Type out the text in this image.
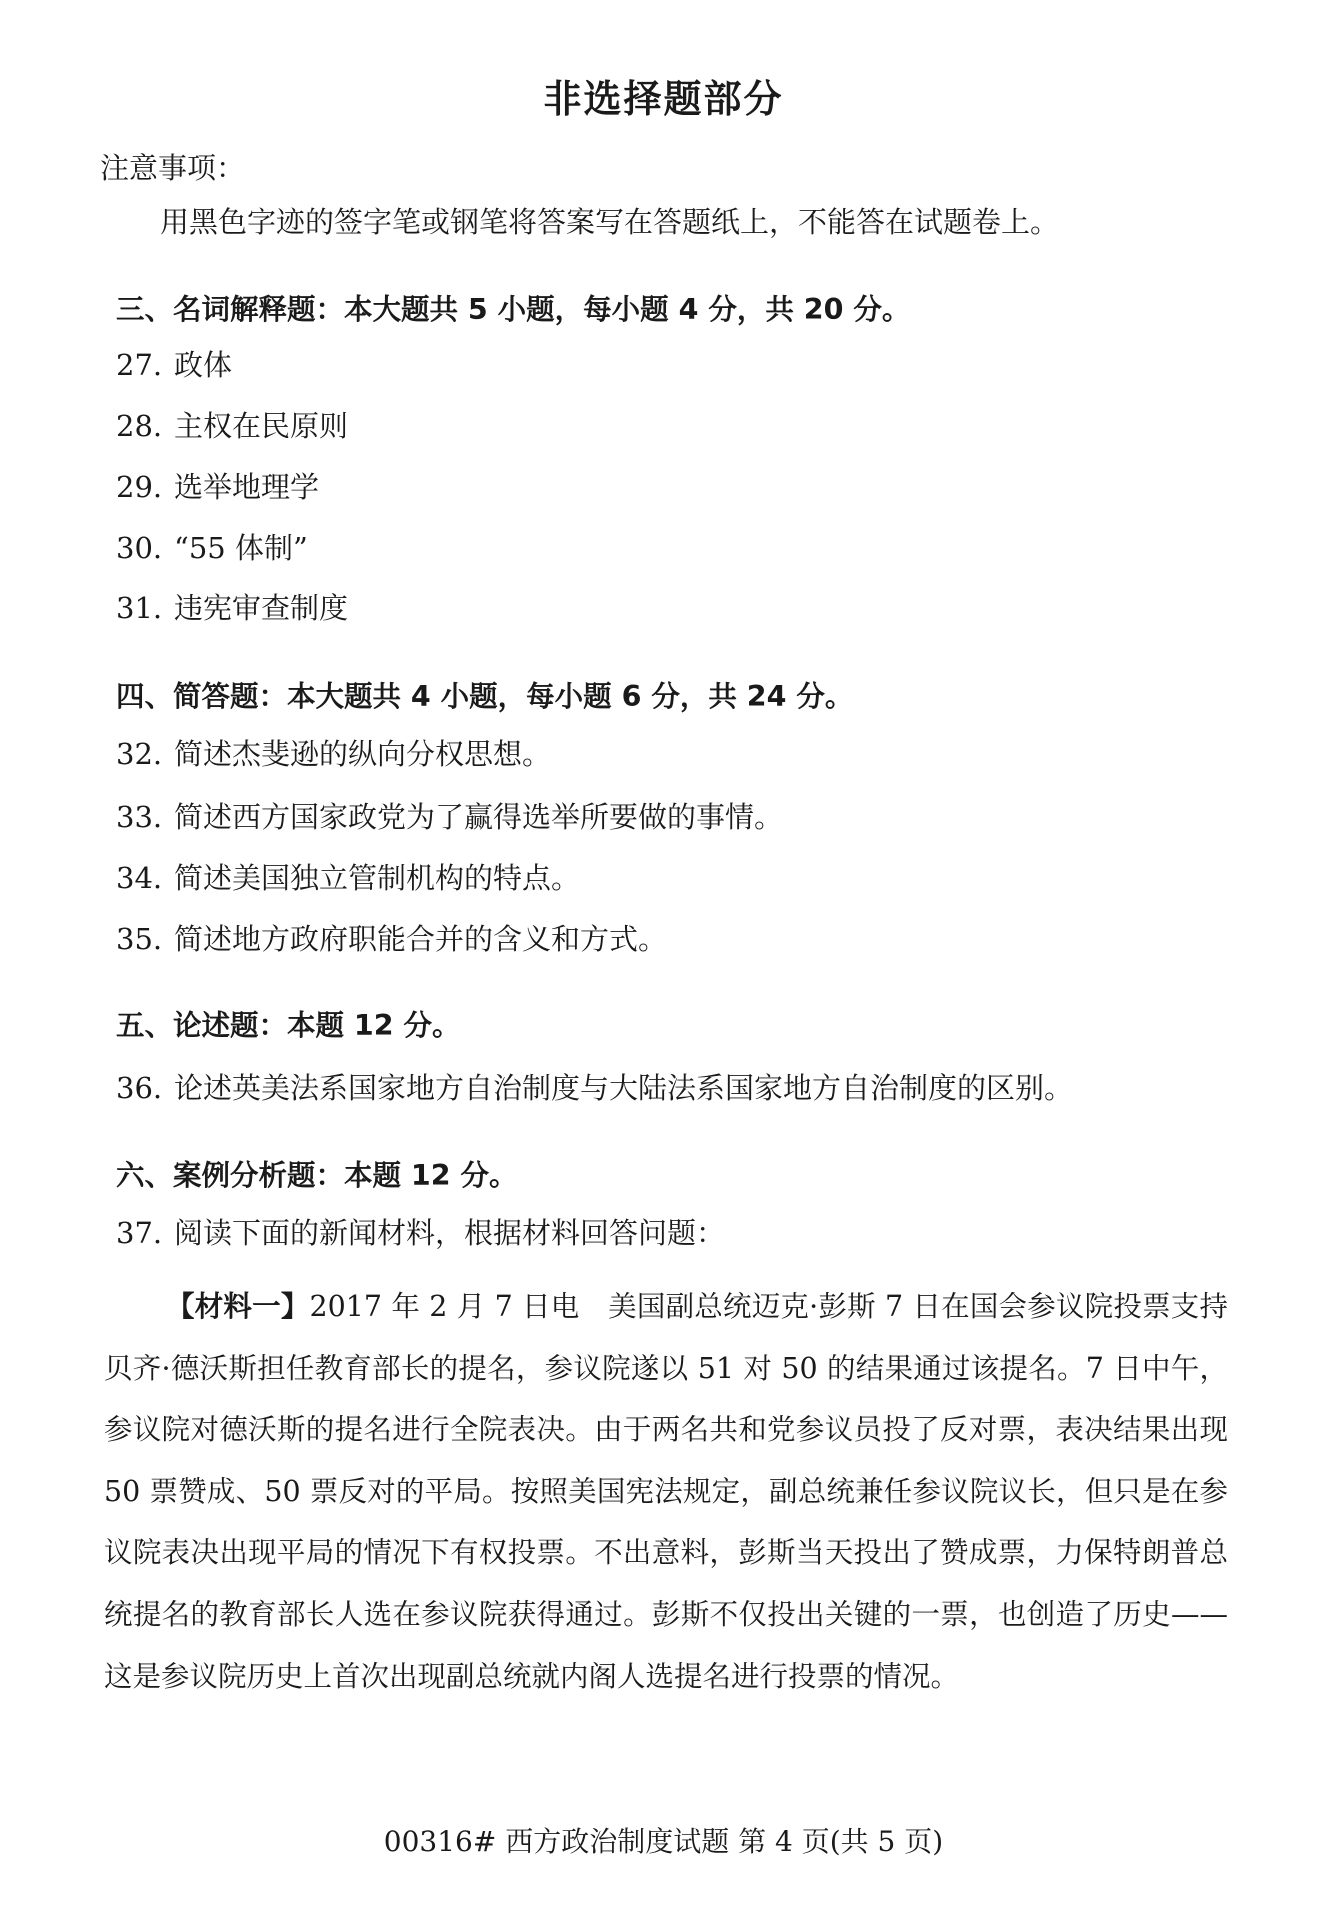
非选择题部分
注意事项：
用黑色字迹的签字笔或钢笔将答案写在答题纸上，不能答在试题卷上。
三、名词解释题：本大题共 5 小题，每小题 4 分，共 20 分。
27. 政体
28. 主权在民原则
29. 选举地理学
30. “55 体制”
31. 违宪审查制度
四、简答题：本大题共 4 小题，每小题 6 分，共 24 分。
32. 简述杰斐逊的纵向分权思想。
33. 简述西方国家政党为了赢得选举所要做的事情。
34. 简述美国独立管制机构的特点。
35. 简述地方政府职能合并的含义和方式。
五、论述题：本题 12 分。
36. 论述英美法系国家地方自治制度与大陆法系国家地方自治制度的区别。
六、案例分析题：本题 12 分。
37. 阅读下面的新闻材料，根据材料回答问题：
【材料一】2017 年 2 月 7 日电　美国副总统迈克·彭斯 7 日在国会参议院投票支持贝齐·德沃斯担任教育部长的提名，参议院遂以 51 对 50 的结果通过该提名。7 日中午，参议院对德沃斯的提名进行全院表决。由于两名共和党参议员投了反对票，表决结果出现 50 票赞成、50 票反对的平局。按照美国宪法规定，副总统兼任参议院议长，但只是在参议院表决出现平局的情况下有权投票。不出意料，彭斯当天投出了赞成票，力保特朗普总统提名的教育部长人选在参议院获得通过。彭斯不仅投出关键的一票，也创造了历史——这是参议院历史上首次出现副总统就内阁人选提名进行投票的情况。
00316# 西方政治制度试题 第 4 页(共 5 页)
